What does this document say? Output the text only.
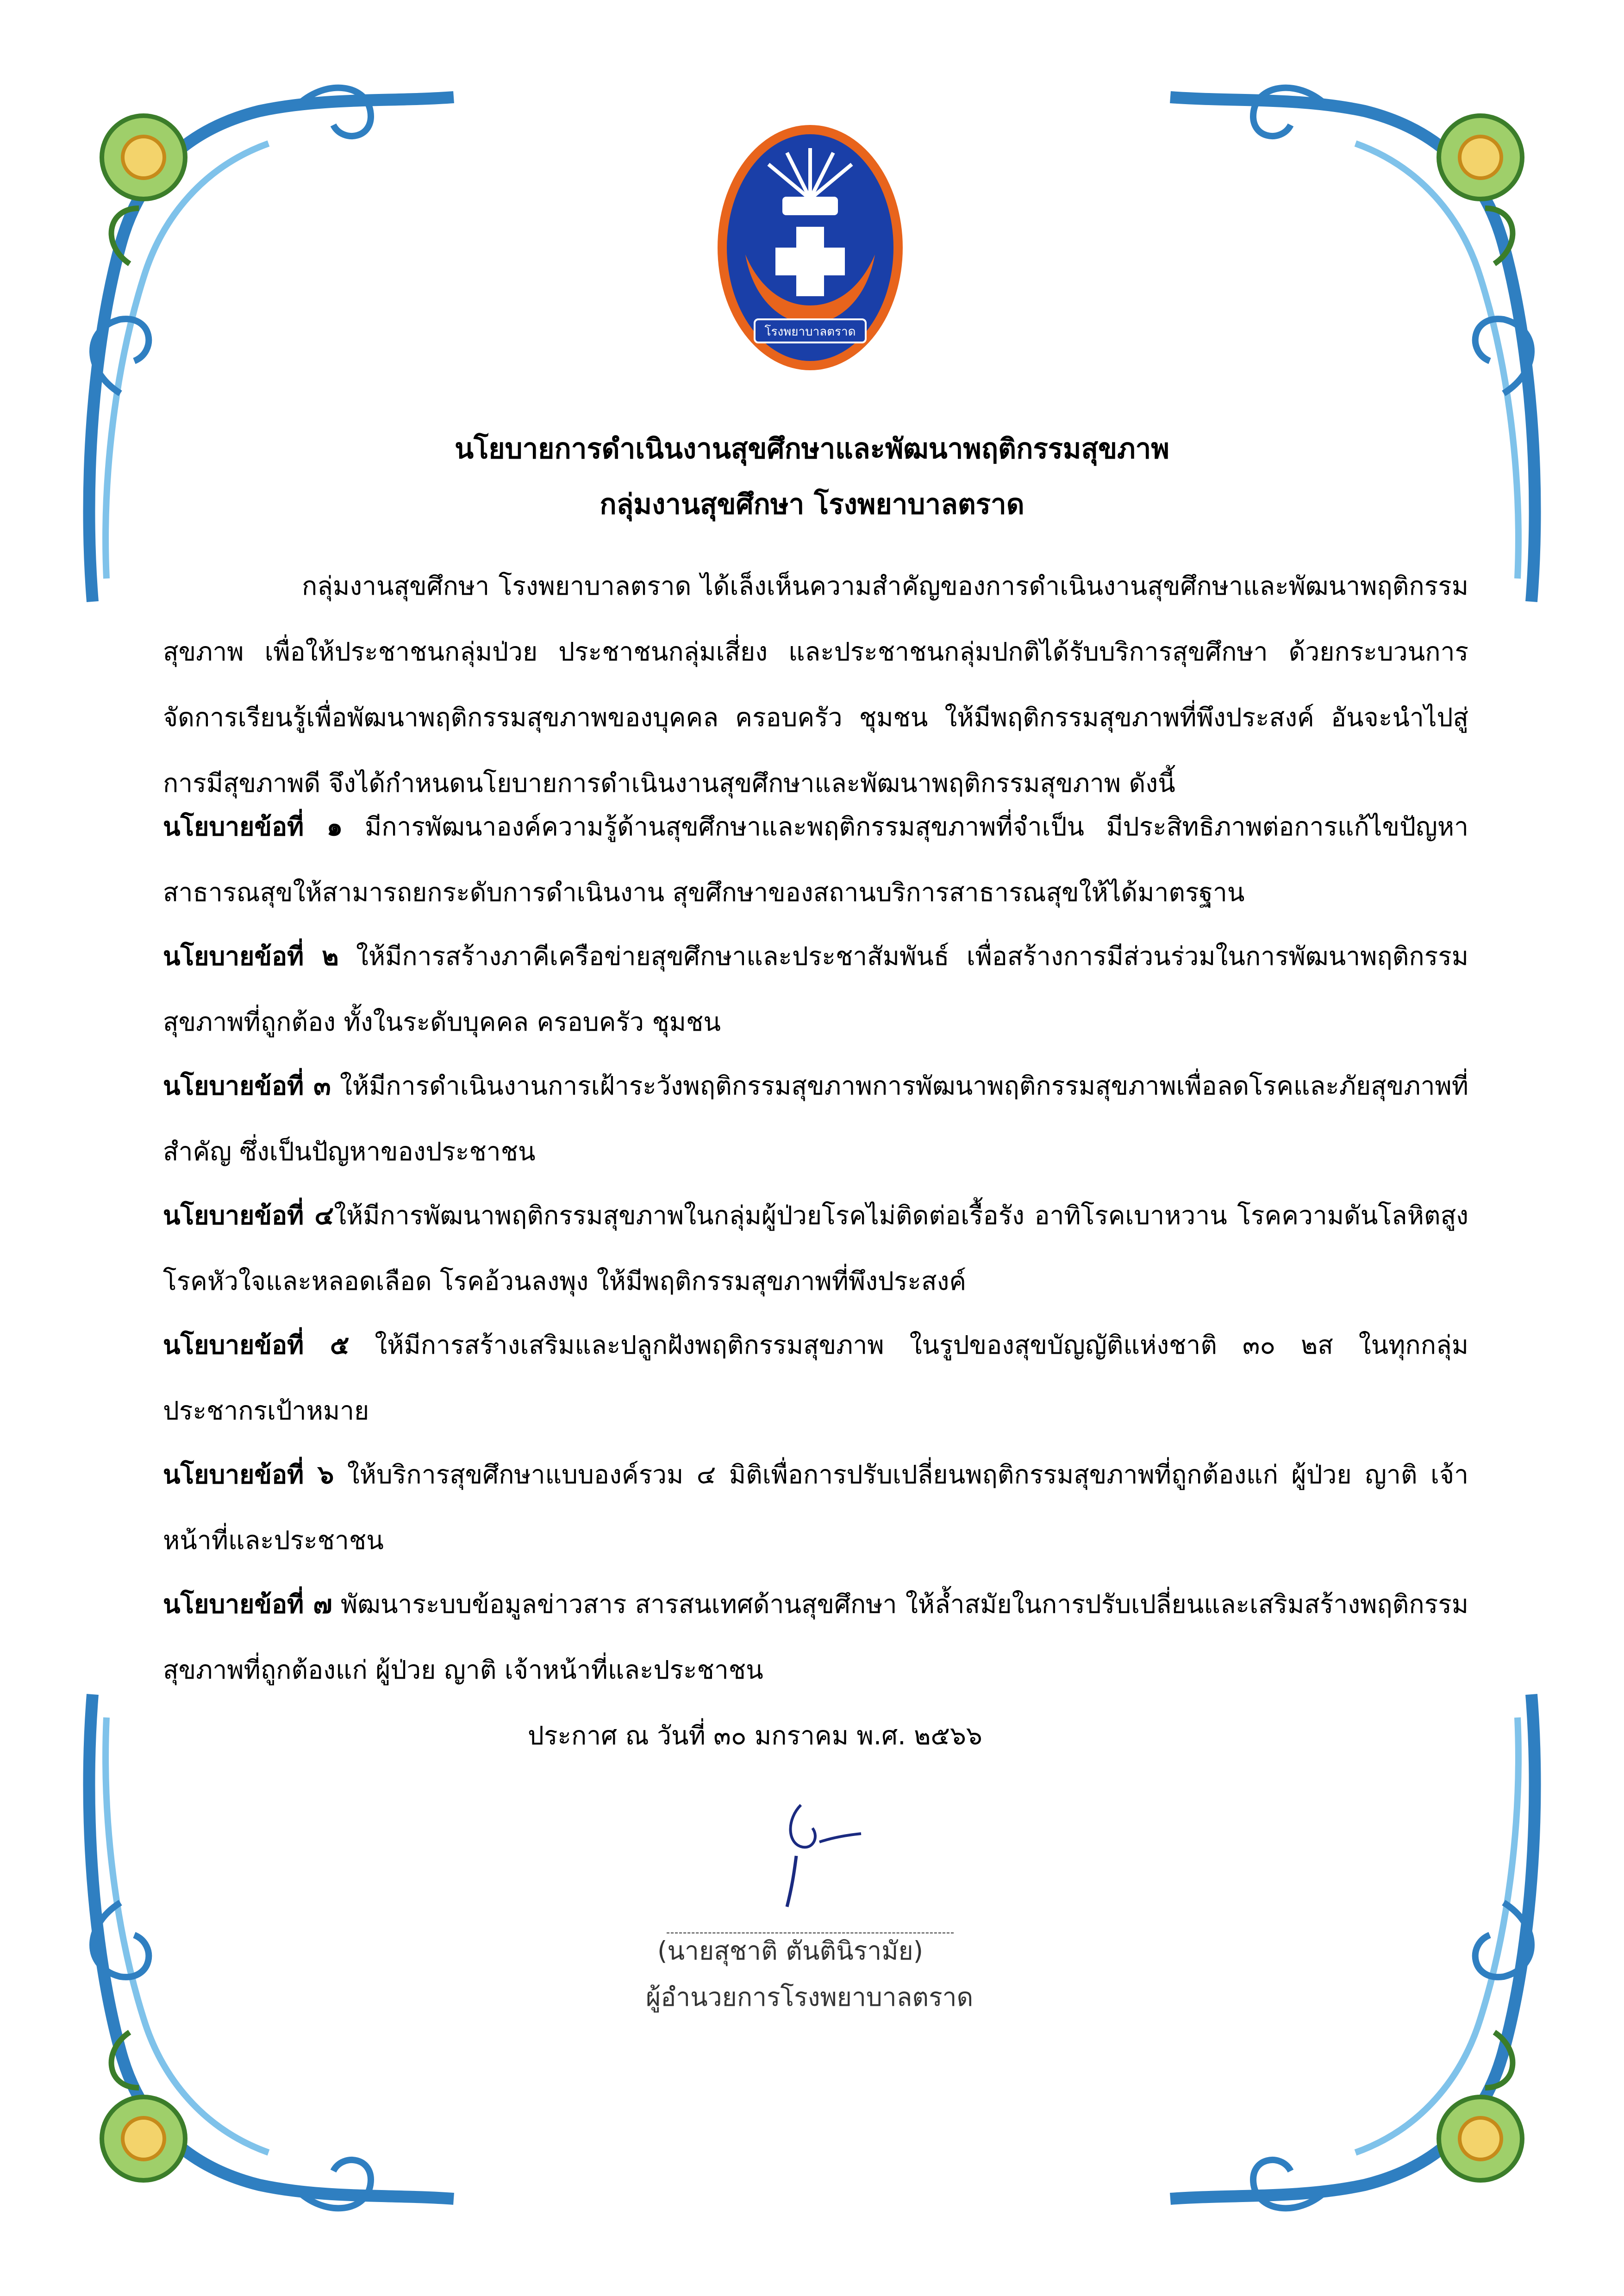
โรงพยาบาลตราด
นโยบายการดำเนินงานสุขศึกษาและพัฒนาพฤติกรรมสุขภาพ
กลุ่มงานสุขศึกษา โรงพยาบาลตราด
กลุ่มงานสุขศึกษา โรงพยาบาลตราด ได้เล็งเห็นความสำคัญของการดำเนินงานสุขศึกษาและพัฒนาพฤติกรรมสุขภาพ เพื่อให้ประชาชนกลุ่มป่วย ประชาชนกลุ่มเสี่ยง และประชาชนกลุ่มปกติได้รับบริการสุขศึกษา ด้วยกระบวนการจัดการเรียนรู้เพื่อพัฒนาพฤติกรรมสุขภาพของบุคคล ครอบครัว ชุมชน ให้มีพฤติกรรมสุขภาพที่พึงประสงค์ อันจะนำไปสู่การมีสุขภาพดี จึงได้กำหนดนโยบายการดำเนินงานสุขศึกษาและพัฒนาพฤติกรรมสุขภาพ ดังนี้
นโยบายข้อที่ ๑ มีการพัฒนาองค์ความรู้ด้านสุขศึกษาและพฤติกรรมสุขภาพที่จำเป็น มีประสิทธิภาพต่อการแก้ไขปัญหาสาธารณสุขให้สามารถยกระดับการดำเนินงาน สุขศึกษาของสถานบริการสาธารณสุขให้ได้มาตรฐาน
นโยบายข้อที่ ๒ ให้มีการสร้างภาคีเครือข่ายสุขศึกษาและประชาสัมพันธ์ เพื่อสร้างการมีส่วนร่วมในการพัฒนาพฤติกรรมสุขภาพที่ถูกต้อง ทั้งในระดับบุคคล ครอบครัว ชุมชน
นโยบายข้อที่ ๓ ให้มีการดำเนินงานการเฝ้าระวังพฤติกรรมสุขภาพการพัฒนาพฤติกรรมสุขภาพเพื่อลดโรคและภัยสุขภาพที่สำคัญ ซึ่งเป็นปัญหาของประชาชน
นโยบายข้อที่ ๔ให้มีการพัฒนาพฤติกรรมสุขภาพในกลุ่มผู้ป่วยโรคไม่ติดต่อเรื้อรัง อาทิโรคเบาหวาน โรคความดันโลหิตสูง โรคหัวใจและหลอดเลือด โรคอ้วนลงพุง ให้มีพฤติกรรมสุขภาพที่พึงประสงค์
นโยบายข้อที่ ๕ ให้มีการสร้างเสริมและปลูกฝังพฤติกรรมสุขภาพ ในรูปของสุขบัญญัติแห่งชาติ ๓๐ ๒ส ในทุกกลุ่มประชากรเป้าหมาย
นโยบายข้อที่ ๖ ให้บริการสุขศึกษาแบบองค์รวม ๔ มิติเพื่อการปรับเปลี่ยนพฤติกรรมสุขภาพที่ถูกต้องแก่ ผู้ป่วย ญาติ เจ้าหน้าที่และประชาชน
นโยบายข้อที่ ๗ พัฒนาระบบข้อมูลข่าวสาร สารสนเทศด้านสุขศึกษา ให้ล้ำสมัยในการปรับเปลี่ยนและเสริมสร้างพฤติกรรมสุขภาพที่ถูกต้องแก่ ผู้ป่วย ญาติ เจ้าหน้าที่และประชาชน
ประกาศ ณ วันที่ ๓๐ มกราคม พ.ศ. ๒๕๖๖
(นายสุชาติ ตันตินิรามัย)
ผู้อำนวยการโรงพยาบาลตราด
